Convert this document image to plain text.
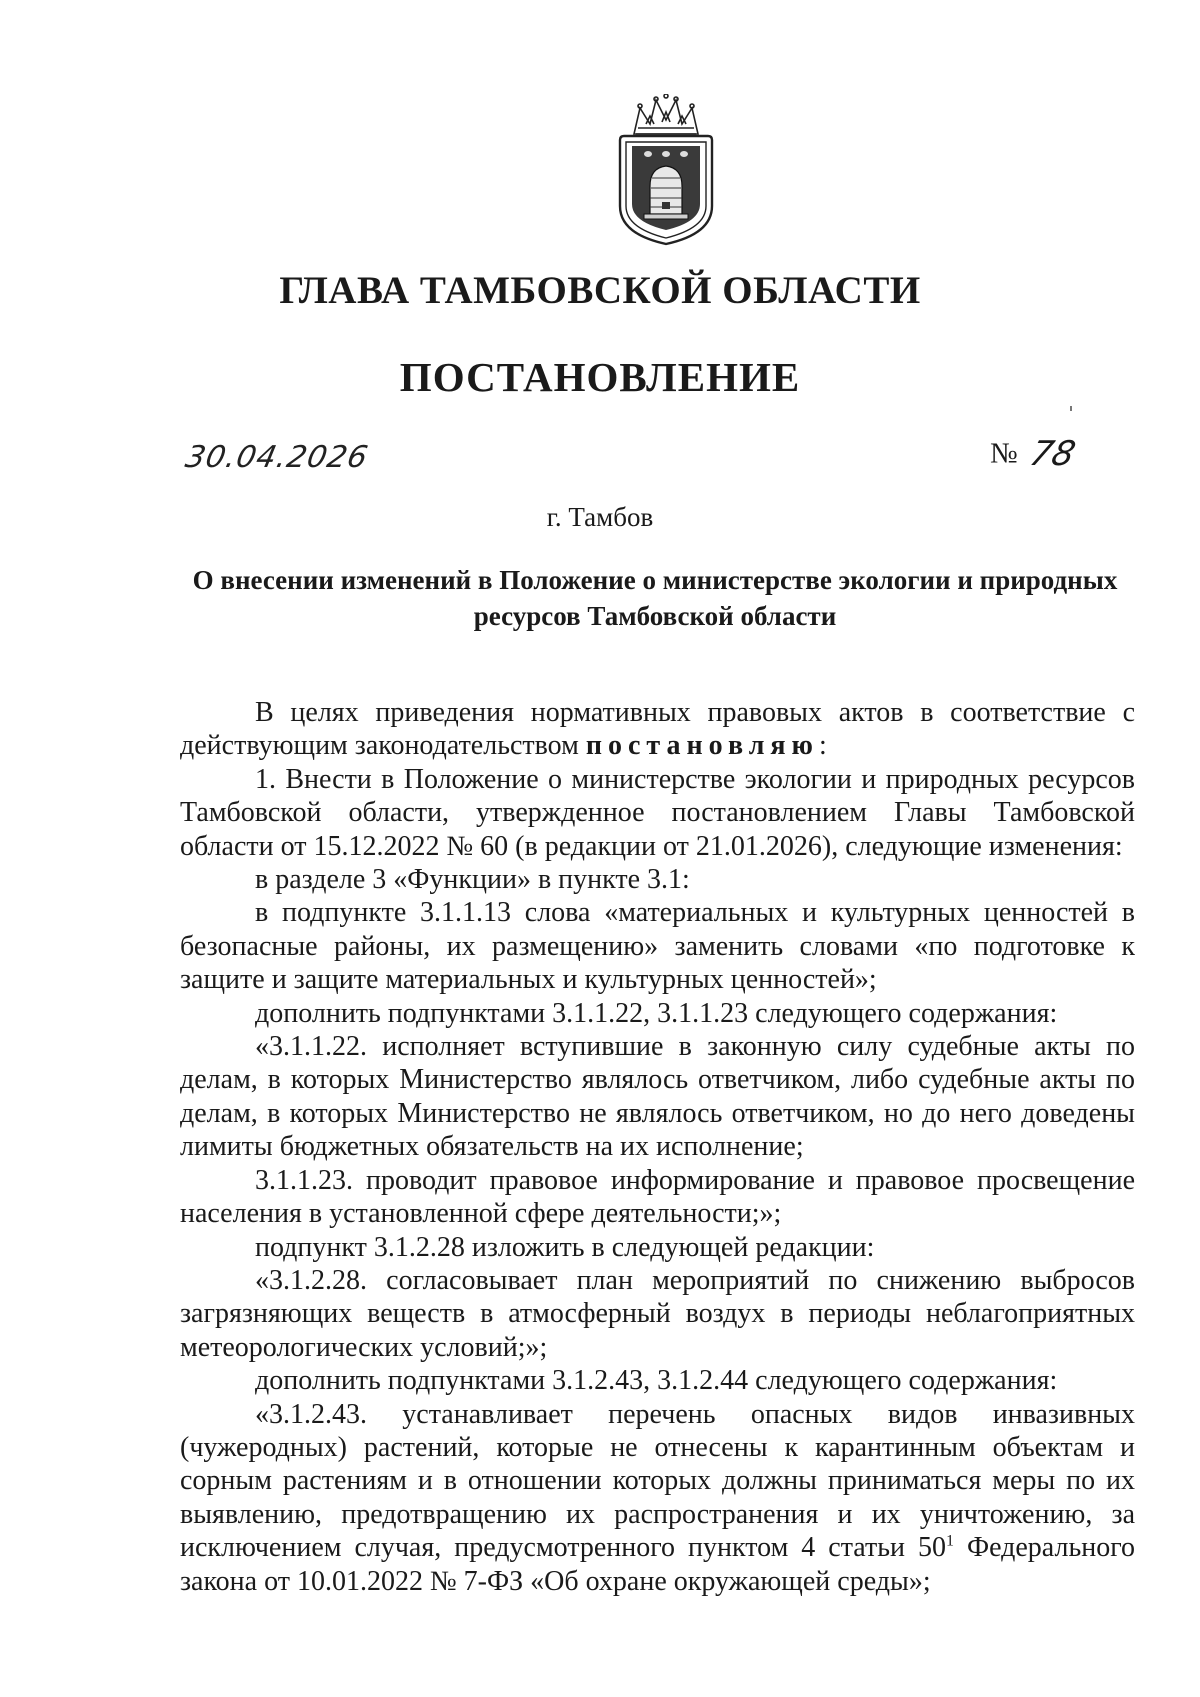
ГЛАВА ТАМБОВСКОЙ ОБЛАСТИ
ПОСТАНОВЛЕНИЕ
30.04.2026	№ 78
г. Тамбов
О внесении изменений в Положение о министерстве экологии и природных ресурсов Тамбовской области

В целях приведения нормативных правовых актов в соответствие с действующим законодательством постановляю:

1. Внести в Положение о министерстве экологии и природных ресурсов Тамбовской области, утвержденное постановлением Главы Тамбовской области от 15.12.2022 № 60 (в редакции от 21.01.2026), следующие изменения:

в разделе 3 «Функции» в пункте 3.1:

в подпункте 3.1.1.13 слова «материальных и культурных ценностей в безопасные районы, их размещению» заменить словами «по подготовке к защите и защите материальных и культурных ценностей»;

дополнить подпунктами 3.1.1.22, 3.1.1.23 следующего содержания:

«3.1.1.22. исполняет вступившие в законную силу судебные акты по делам, в которых Министерство являлось ответчиком, либо судебные акты по делам, в которых Министерство не являлось ответчиком, но до него доведены лимиты бюджетных обязательств на их исполнение;

3.1.1.23. проводит правовое информирование и правовое просвещение населения в установленной сфере деятельности;»;

подпункт 3.1.2.28 изложить в следующей редакции:

«3.1.2.28. согласовывает план мероприятий по снижению выбросов загрязняющих веществ в атмосферный воздух в периоды неблагоприятных метеорологических условий;»;

дополнить подпунктами 3.1.2.43, 3.1.2.44 следующего содержания:

«3.1.2.43. устанавливает перечень опасных видов инвазивных (чужеродных) растений, которые не отнесены к карантинным объектам и сорным растениям и в отношении которых должны приниматься меры по их выявлению, предотвращению их распространения и их уничтожению, за исключением случая, предусмотренного пунктом 4 статьи $50^1$ Федерального закона от 10.01.2022 № 7-ФЗ «Об охране окружающей среды»;
